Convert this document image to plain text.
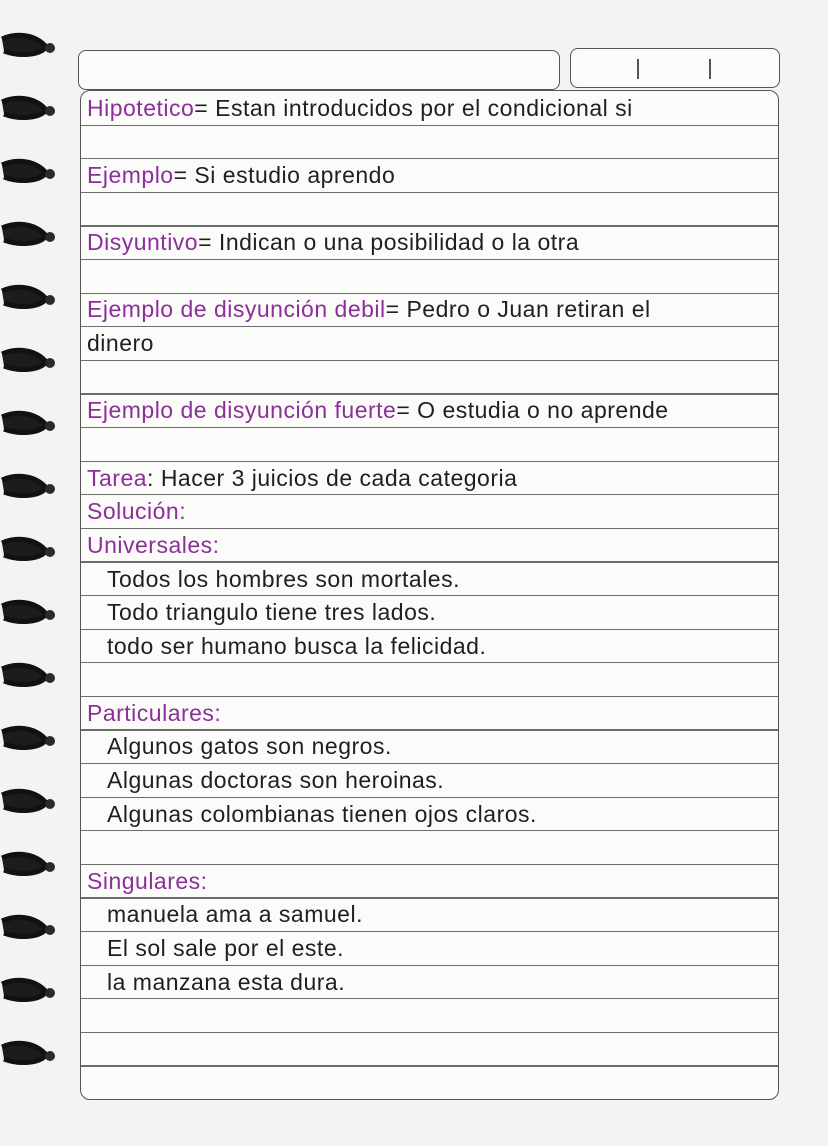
Hipotetico= Estan introducidos por el condicional si
Ejemplo= Si estudio aprendo
Disyuntivo= Indican o una posibilidad o la otra
Ejemplo de disyunción debil= Pedro o Juan retiran el
dinero
Ejemplo de disyunción fuerte= O estudia o no aprende
Tarea: Hacer 3 juicios de cada categoria
Solución:
Universales:
Todos los hombres son mortales.
Todo triangulo tiene tres lados.
todo ser humano busca la felicidad.
Particulares:
Algunos gatos son negros.
Algunas doctoras son heroinas.
Algunas colombianas tienen ojos claros.
Singulares:
manuela ama a samuel.
El sol sale por el este.
la manzana esta dura.
